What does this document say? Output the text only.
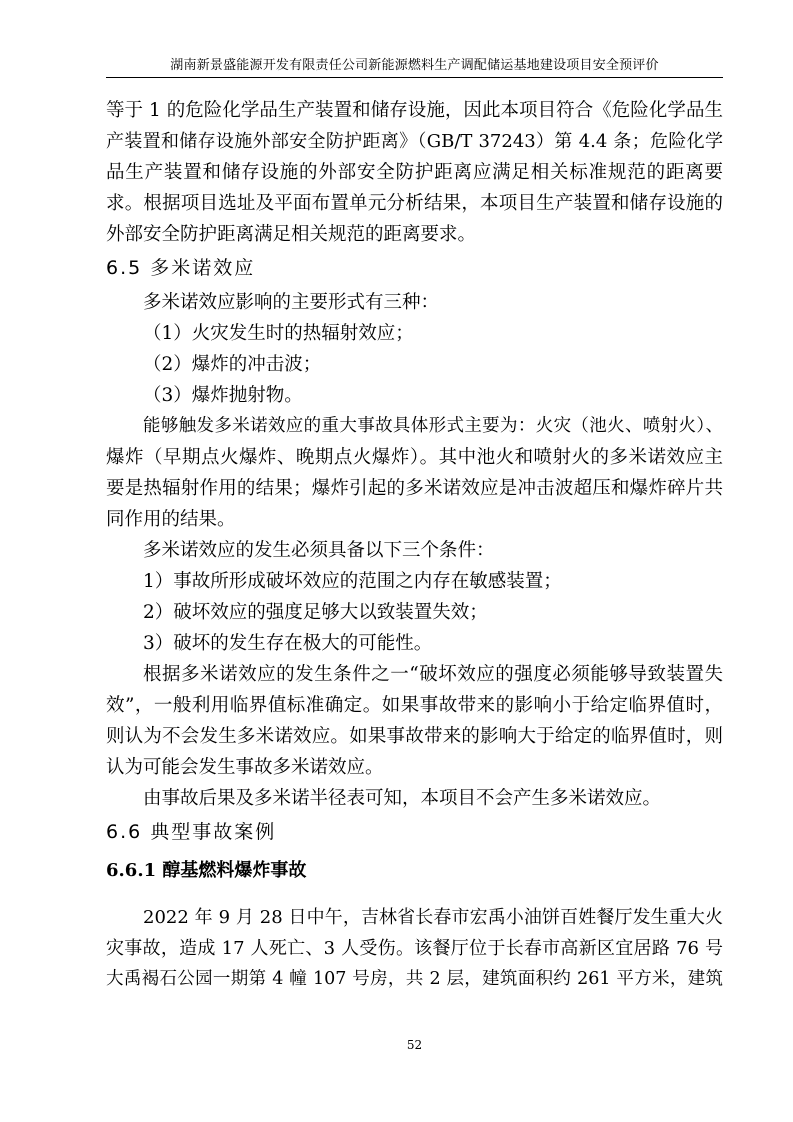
湖南新景盛能源开发有限责任公司新能源燃料生产调配储运基地建设项目安全预评价
等于 1 的危险化学品生产装置和储存设施，因此本项目符合《危险化学品生
产装置和储存设施外部安全防护距离》（GB/T 37243）第 4.4 条；危险化学
品生产装置和储存设施的外部安全防护距离应满足相关标准规范的距离要
求。根据项目选址及平面布置单元分析结果，本项目生产装置和储存设施的
外部安全防护距离满足相关规范的距离要求。
6.5 多米诺效应
多米诺效应影响的主要形式有三种：
（1）火灾发生时的热辐射效应；
（2）爆炸的冲击波；
（3）爆炸抛射物。
能够触发多米诺效应的重大事故具体形式主要为：火灾（池火、喷射火）、
爆炸（早期点火爆炸、晚期点火爆炸）。其中池火和喷射火的多米诺效应主
要是热辐射作用的结果；爆炸引起的多米诺效应是冲击波超压和爆炸碎片共
同作用的结果。
多米诺效应的发生必须具备以下三个条件：
1）事故所形成破坏效应的范围之内存在敏感装置；
2）破坏效应的强度足够大以致装置失效；
3）破坏的发生存在极大的可能性。
根据多米诺效应的发生条件之一“破坏效应的强度必须能够导致装置失
效”，一般利用临界值标准确定。如果事故带来的影响小于给定临界值时，
则认为不会发生多米诺效应。如果事故带来的影响大于给定的临界值时，则
认为可能会发生事故多米诺效应。
由事故后果及多米诺半径表可知，本项目不会产生多米诺效应。
6.6 典型事故案例
6.6.1 醇基燃料爆炸事故
2022 年 9 月 28 日中午，吉林省长春市宏禹小油饼百姓餐厅发生重大火
灾事故，造成 17 人死亡、3 人受伤。该餐厅位于长春市高新区宜居路 76 号
大禹褐石公园一期第 4 幢 107 号房，共 2 层，建筑面积约 261 平方米，建筑
52
